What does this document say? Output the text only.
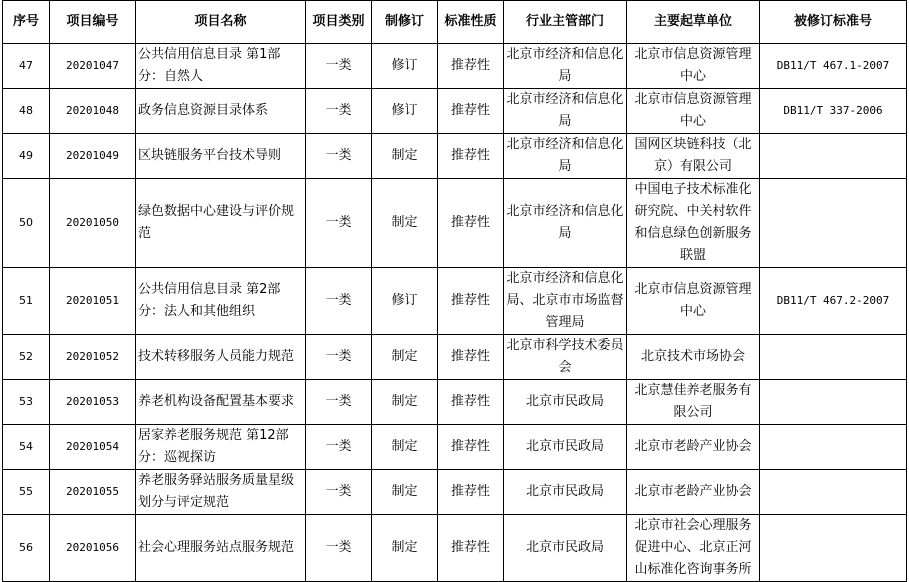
序号	项目编号	项目名称	项目类别	制修订	标准性质	行业主管部门	主要起草单位	被修订标准号
47	20201047	公共信用信息目录 第1部分：自然人	一类	修订	推荐性	北京市经济和信息化局	北京市信息资源管理中心	DB11/T 467.1-2007
48	20201048	政务信息资源目录体系	一类	修订	推荐性	北京市经济和信息化局	北京市信息资源管理中心	DB11/T 337-2006
49	20201049	区块链服务平台技术导则	一类	制定	推荐性	北京市经济和信息化局	国网区块链科技（北京）有限公司	
50	20201050	绿色数据中心建设与评价规范	一类	制定	推荐性	北京市经济和信息化局	中国电子技术标准化研究院、中关村软件和信息绿色创新服务联盟	
51	20201051	公共信用信息目录 第2部分：法人和其他组织	一类	修订	推荐性	北京市经济和信息化局、北京市市场监督管理局	北京市信息资源管理中心	DB11/T 467.2-2007
52	20201052	技术转移服务人员能力规范	一类	制定	推荐性	北京市科学技术委员会	北京技术市场协会	
53	20201053	养老机构设备配置基本要求	一类	制定	推荐性	北京市民政局	北京慧佳养老服务有限公司	
54	20201054	居家养老服务规范 第12部分：巡视探访	一类	制定	推荐性	北京市民政局	北京市老龄产业协会	
55	20201055	养老服务驿站服务质量星级划分与评定规范	一类	制定	推荐性	北京市民政局	北京市老龄产业协会	
56	20201056	社会心理服务站点服务规范	一类	制定	推荐性	北京市民政局	北京市社会心理服务促进中心、北京正河山标准化咨询事务所	
